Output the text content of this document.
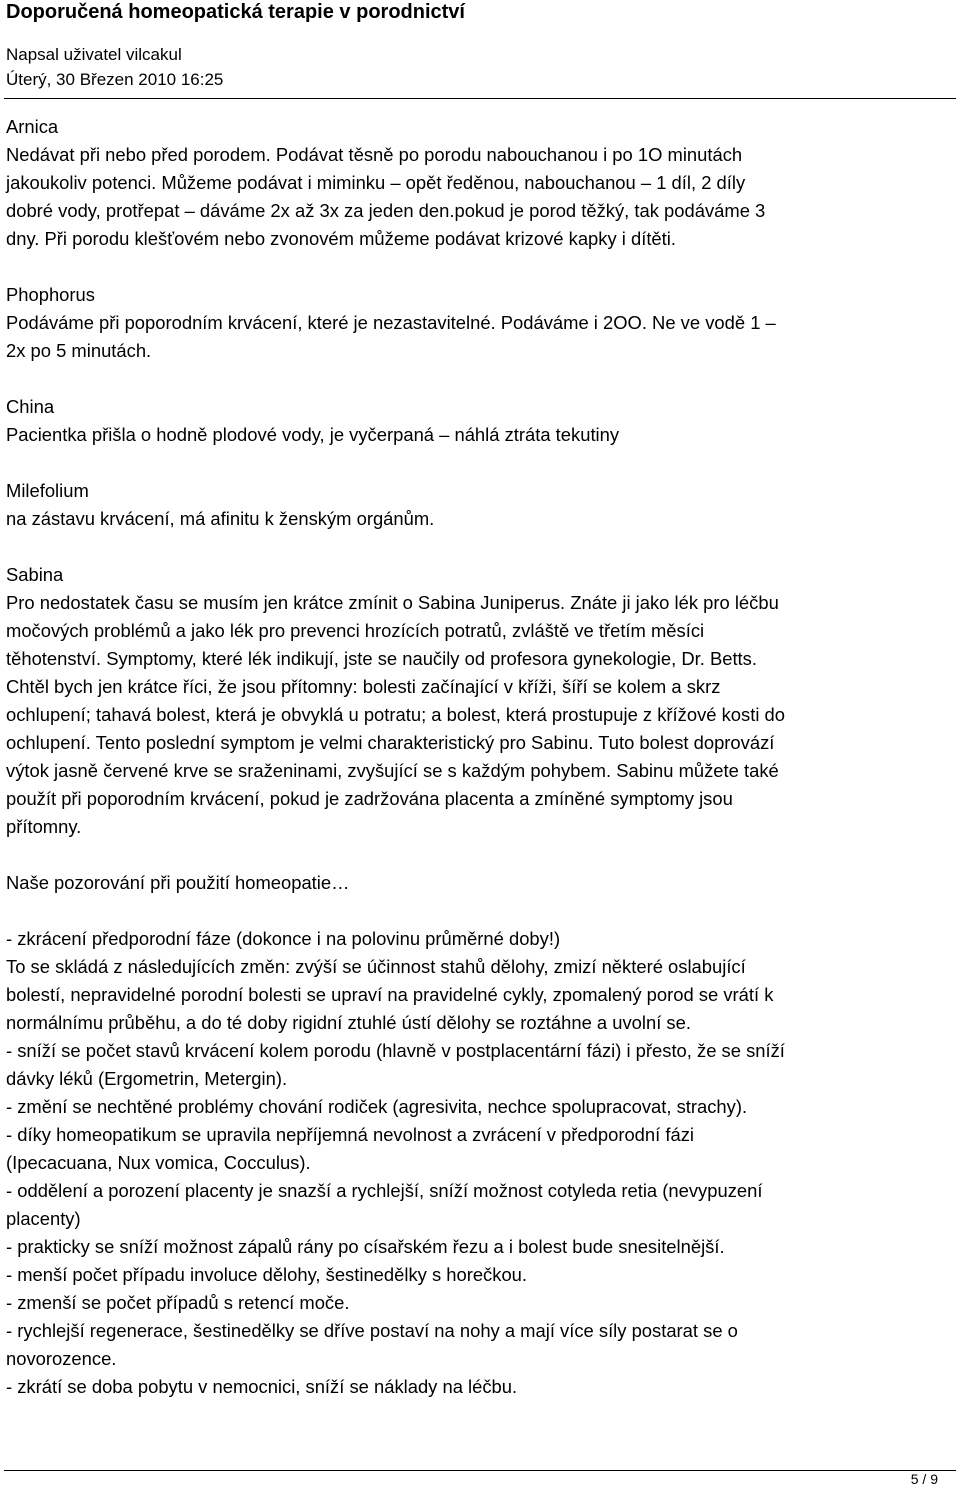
Doporučená homeopatická terapie v porodnictví
Napsal uživatel vilcakul
Úterý, 30 Březen 2010 16:25
Arnica
Nedávat při nebo před porodem. Podávat těsně po porodu nabouchanou i po 1O minutách
jakoukoliv potenci. Můžeme podávat i miminku – opět ředěnou, nabouchanou – 1 díl, 2 díly
dobré vody, protřepat – dáváme 2x až 3x za jeden den.pokud je porod těžký, tak podáváme 3
dny. Při porodu klešťovém nebo zvonovém můžeme podávat krizové kapky i dítěti.
Phophorus
Podáváme při poporodním krvácení, které je nezastavitelné. Podáváme i 2OO. Ne ve vodě 1 –
2x po 5 minutách.
China
Pacientka přišla o hodně plodové vody, je vyčerpaná – náhlá ztráta tekutiny
Milefolium
na zástavu krvácení, má afinitu k ženským orgánům.
Sabina
Pro nedostatek času se musím jen krátce zmínit o Sabina Juniperus. Znáte ji jako lék pro léčbu
močových problémů a jako lék pro prevenci hrozících potratů, zvláště ve třetím měsíci
těhotenství. Symptomy, které lék indikují, jste se naučily od profesora gynekologie, Dr. Betts.
Chtěl bych jen krátce říci, že jsou přítomny: bolesti začínající v kříži, šíří se kolem a skrz
ochlupení; tahavá bolest, která je obvyklá u potratu; a bolest, která prostupuje z křížové kosti do
ochlupení. Tento poslední symptom je velmi charakteristický pro Sabinu. Tuto bolest doprovází
výtok jasně červené krve se sraženinami, zvyšující se s každým pohybem. Sabinu můžete také
použít při poporodním krvácení, pokud je zadržována placenta a zmíněné symptomy jsou
přítomny.
Naše pozorování při použití homeopatie…
- zkrácení předporodní fáze (dokonce i na polovinu průměrné doby!)
To se skládá z následujících změn: zvýší se účinnost stahů dělohy, zmizí některé oslabující
bolestí, nepravidelné porodní bolesti se upraví na pravidelné cykly, zpomalený porod se vrátí k
normálnímu průběhu, a do té doby rigidní ztuhlé ústí dělohy se roztáhne a uvolní se.
- sníží se počet stavů krvácení kolem porodu (hlavně v postplacentární fázi) i přesto, že se sníží
dávky léků (Ergometrin, Metergin).
- změní se nechtěné problémy chování rodiček (agresivita, nechce spolupracovat, strachy).
- díky homeopatikum se upravila nepříjemná nevolnost a zvrácení v předporodní fázi
(Ipecacuana, Nux vomica, Cocculus).
- oddělení a porození placenty je snazší a rychlejší, sníží možnost cotyleda retia (nevypuzení
placenty)
- prakticky se sníží možnost zápalů rány po císařském řezu a i bolest bude snesitelnější.
- menší počet případu involuce dělohy, šestinedělky s horečkou.
- zmenší se počet případů s retencí moče.
- rychlejší regenerace, šestinedělky se dříve postaví na nohy a mají více síly postarat se o
novorozence.
- zkrátí se doba pobytu v nemocnici, sníží se náklady na léčbu.
5 / 9
